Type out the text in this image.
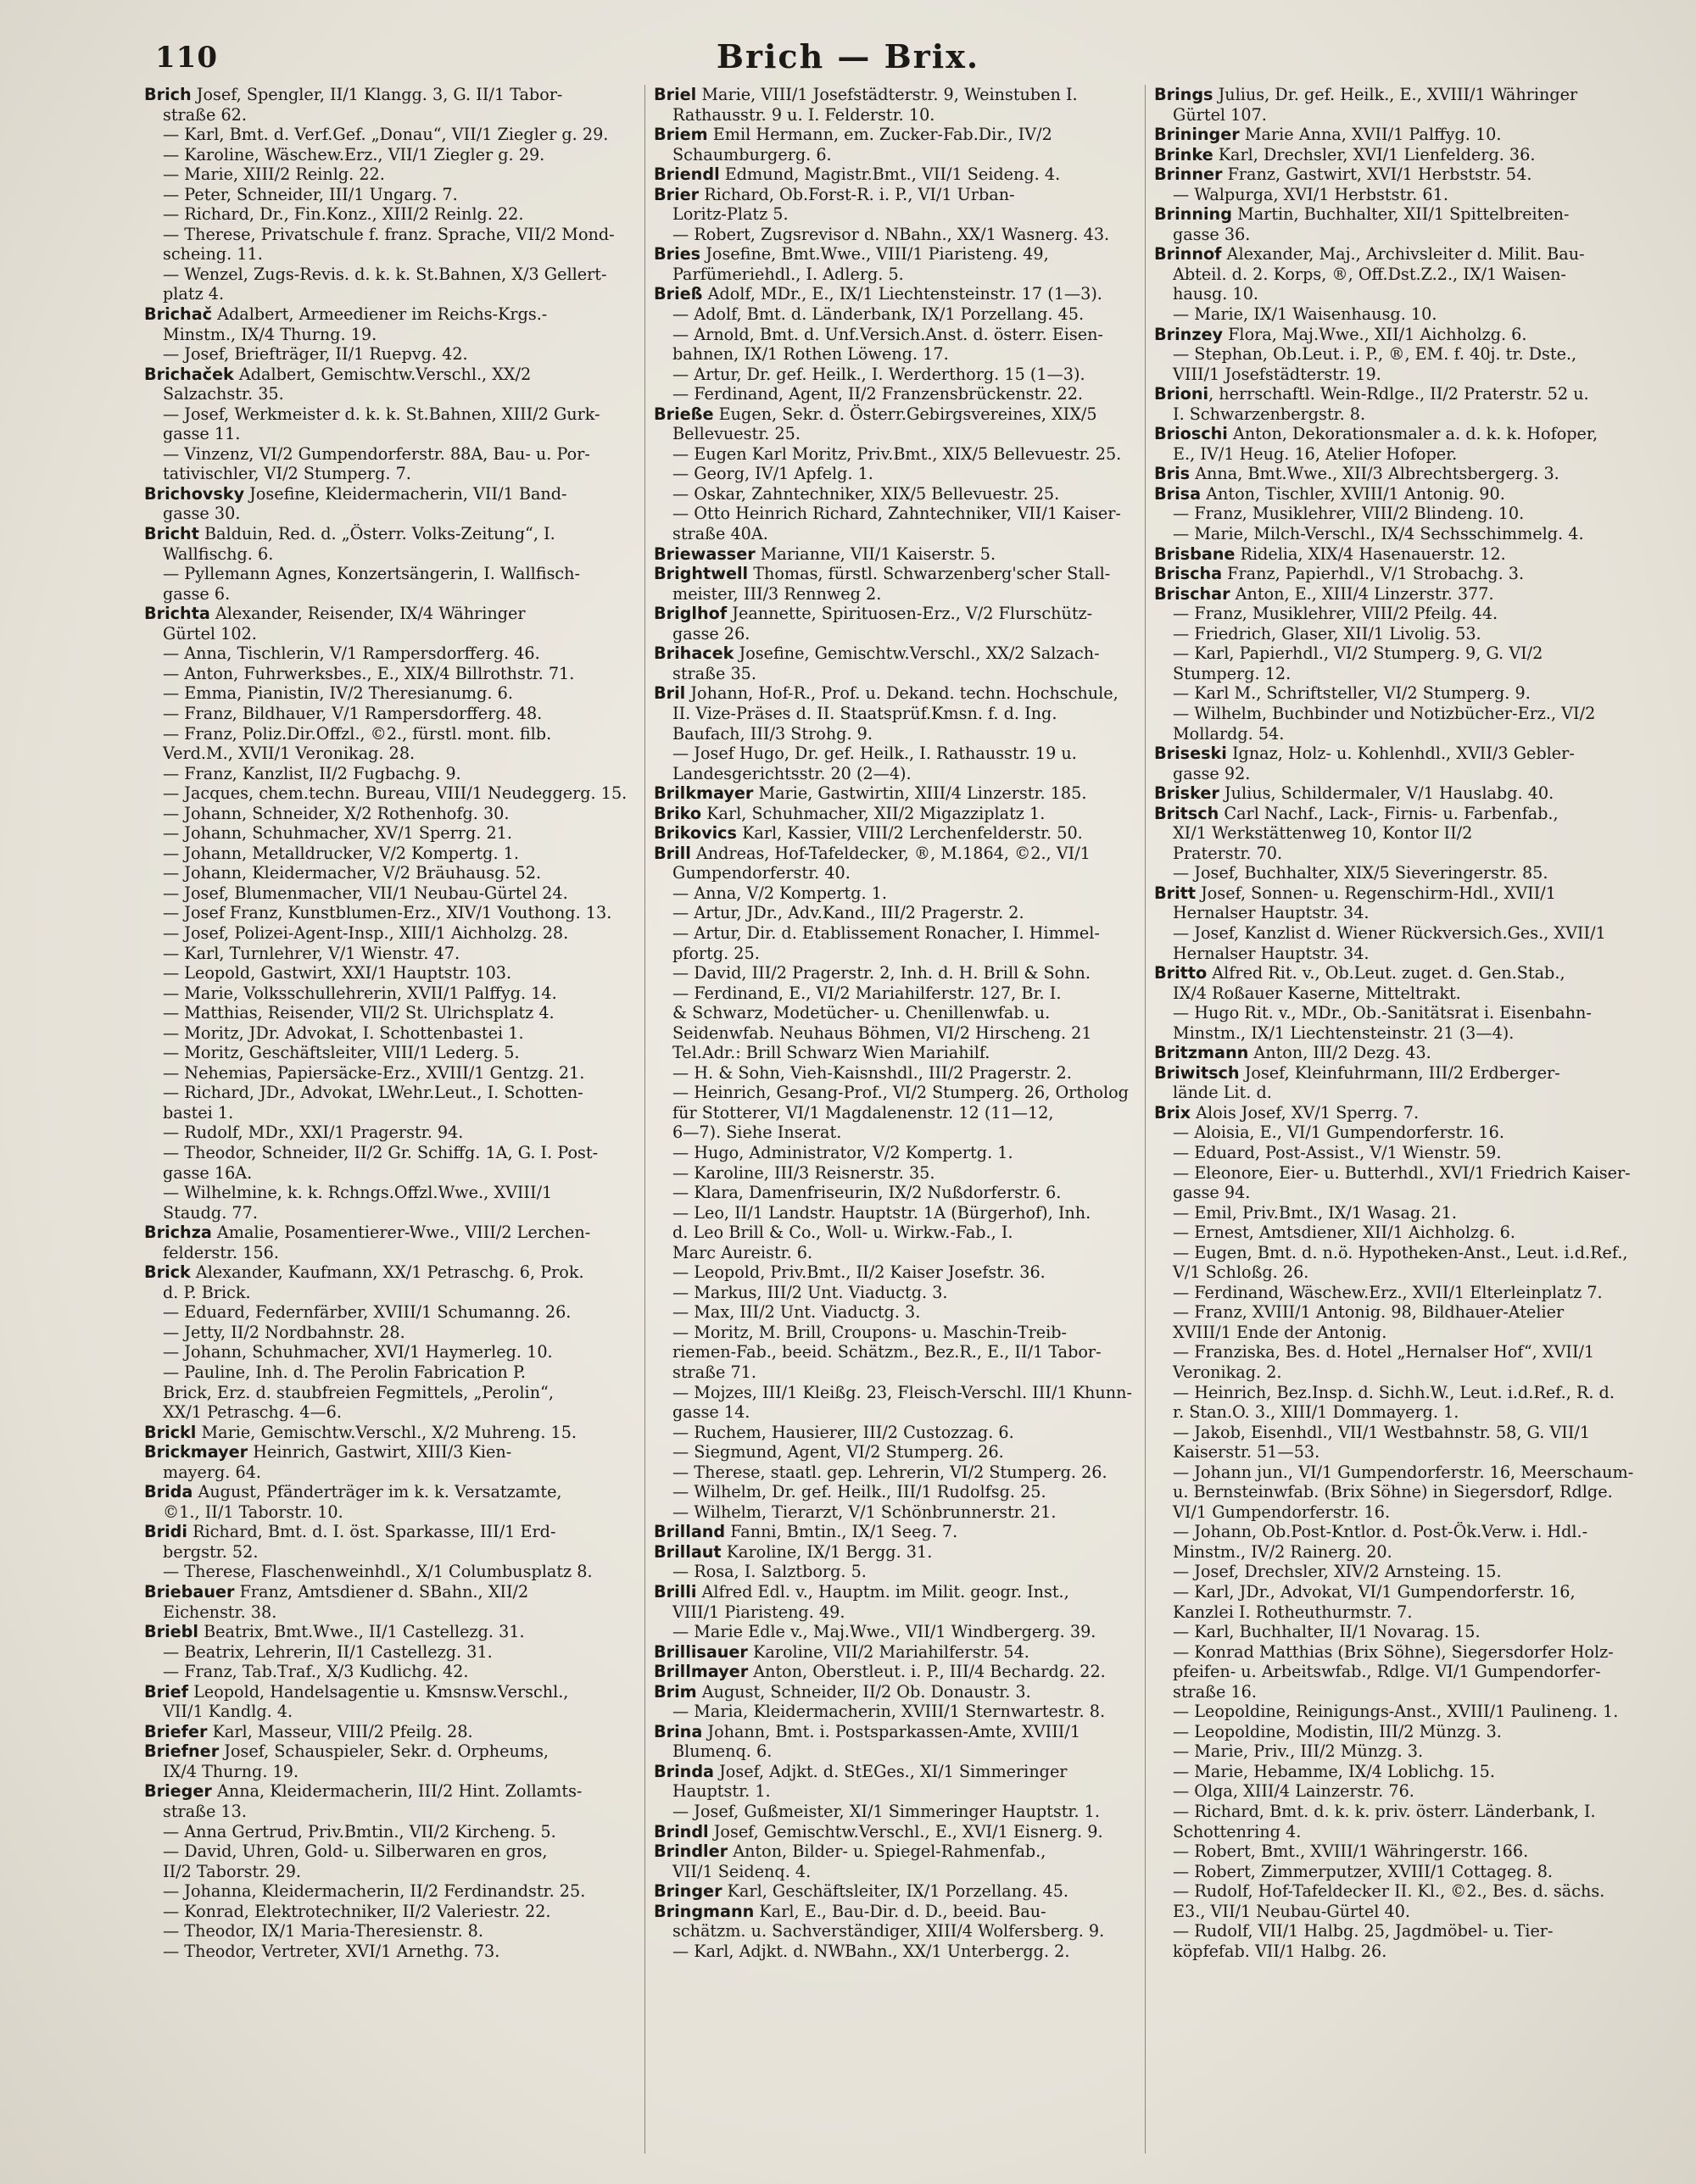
110	Brich — Brix.
Brich Josef, Spengler, II/1 Klangg. 3, G. II/1 Tabor-
straße 62.
— Karl, Bmt. d. Verf.Gef. „Donau“, VII/1 Ziegler g. 29.
— Karoline, Wäschew.Erz., VII/1 Ziegler g. 29.
— Marie, XIII/2 Reinlg. 22.
— Peter, Schneider, III/1 Ungarg. 7.
— Richard, Dr., Fin.Konz., XIII/2 Reinlg. 22.
— Therese, Privatschule f. franz. Sprache, VII/2 Mond-
scheing. 11.
— Wenzel, Zugs-Revis. d. k. k. St.Bahnen, X/3 Gellert-
platz 4.
Brichač Adalbert, Armeediener im Reichs-Krgs.-
Minstm., IX/4 Thurng. 19.
— Josef, Briefträger, II/1 Ruepvg. 42.
Brichaček Adalbert, Gemischtw.Verschl., XX/2
Salzachstr. 35.
— Josef, Werkmeister d. k. k. St.Bahnen, XIII/2 Gurk-
gasse 11.
— Vinzenz, VI/2 Gumpendorferstr. 88A, Bau- u. Por-
tativischler, VI/2 Stumperg. 7.
Brichovsky Josefine, Kleidermacherin, VII/1 Band-
gasse 30.
Bricht Balduin, Red. d. „Österr. Volks-Zeitung“, I.
Wallfischg. 6.
— Pyllemann Agnes, Konzertsängerin, I. Wallfisch-
gasse 6.
Brichta Alexander, Reisender, IX/4 Währinger
Gürtel 102.
— Anna, Tischlerin, V/1 Rampersdorfferg. 46.
— Anton, Fuhrwerksbes., E., XIX/4 Billrothstr. 71.
— Emma, Pianistin, IV/2 Theresianumg. 6.
— Franz, Bildhauer, V/1 Rampersdorfferg. 48.
— Franz, Poliz.Dir.Offzl., ©2., fürstl. mont. filb.
Verd.M., XVII/1 Veronikag. 28.
— Franz, Kanzlist, II/2 Fugbachg. 9.
— Jacques, chem.techn. Bureau, VIII/1 Neudeggerg. 15.
— Johann, Schneider, X/2 Rothenhofg. 30.
— Johann, Schuhmacher, XV/1 Sperrg. 21.
— Johann, Metalldrucker, V/2 Kompertg. 1.
— Johann, Kleidermacher, V/2 Bräuhausg. 52.
— Josef, Blumenmacher, VII/1 Neubau-Gürtel 24.
— Josef Franz, Kunstblumen-Erz., XIV/1 Vouthong. 13.
— Josef, Polizei-Agent-Insp., XIII/1 Aichholzg. 28.
— Karl, Turnlehrer, V/1 Wienstr. 47.
— Leopold, Gastwirt, XXI/1 Hauptstr. 103.
— Marie, Volksschullehrerin, XVII/1 Palffyg. 14.
— Matthias, Reisender, VII/2 St. Ulrichsplatz 4.
— Moritz, JDr. Advokat, I. Schottenbastei 1.
— Moritz, Geschäftsleiter, VIII/1 Lederg. 5.
— Nehemias, Papiersäcke-Erz., XVIII/1 Gentzg. 21.
— Richard, JDr., Advokat, LWehr.Leut., I. Schotten-
bastei 1.
— Rudolf, MDr., XXI/1 Pragerstr. 94.
— Theodor, Schneider, II/2 Gr. Schiffg. 1A, G. I. Post-
gasse 16A.
— Wilhelmine, k. k. Rchngs.Offzl.Wwe., XVIII/1
Staudg. 77.
Brichza Amalie, Posamentierer-Wwe., VIII/2 Lerchen-
felderstr. 156.
Brick Alexander, Kaufmann, XX/1 Petraschg. 6, Prok.
d. P. Brick.
— Eduard, Federnfärber, XVIII/1 Schumanng. 26.
— Jetty, II/2 Nordbahnstr. 28.
— Johann, Schuhmacher, XVI/1 Haymerleg. 10.
— Pauline, Inh. d. The Perolin Fabrication P.
Brick, Erz. d. staubfreien Fegmittels, „Perolin“,
XX/1 Petraschg. 4—6.
Brickl Marie, Gemischtw.Verschl., X/2 Muhreng. 15.
Brickmayer Heinrich, Gastwirt, XIII/3 Kien-
mayerg. 64.
Brida August, Pfänderträger im k. k. Versatzamte,
©1., II/1 Taborstr. 10.
Bridi Richard, Bmt. d. I. öst. Sparkasse, III/1 Erd-
bergstr. 52.
— Therese, Flaschenweinhdl., X/1 Columbusplatz 8.
Briebauer Franz, Amtsdiener d. SBahn., XII/2
Eichenstr. 38.
Briebl Beatrix, Bmt.Wwe., II/1 Castellezg. 31.
— Beatrix, Lehrerin, II/1 Castellezg. 31.
— Franz, Tab.Traf., X/3 Kudlichg. 42.
Brief Leopold, Handelsagentie u. Kmsnsw.Verschl.,
VII/1 Kandlg. 4.
Briefer Karl, Masseur, VIII/2 Pfeilg. 28.
Briefner Josef, Schauspieler, Sekr. d. Orpheums,
IX/4 Thurng. 19.
Brieger Anna, Kleidermacherin, III/2 Hint. Zollamts-
straße 13.
— Anna Gertrud, Priv.Bmtin., VII/2 Kircheng. 5.
— David, Uhren, Gold- u. Silberwaren en gros,
II/2 Taborstr. 29.
— Johanna, Kleidermacherin, II/2 Ferdinandstr. 25.
— Konrad, Elektrotechniker, II/2 Valeriestr. 22.
— Theodor, IX/1 Maria-Theresienstr. 8.
— Theodor, Vertreter, XVI/1 Arnethg. 73.
Briel Marie, VIII/1 Josefstädterstr. 9, Weinstuben I.
Rathausstr. 9 u. I. Felderstr. 10.
Briem Emil Hermann, em. Zucker-Fab.Dir., IV/2
Schaumburgerg. 6.
Briendl Edmund, Magistr.Bmt., VII/1 Seideng. 4.
Brier Richard, Ob.Forst-R. i. P., VI/1 Urban-
Loritz-Platz 5.
— Robert, Zugsrevisor d. NBahn., XX/1 Wasnerg. 43.
Bries Josefine, Bmt.Wwe., VIII/1 Piaristeng. 49,
Parfümeriehdl., I. Adlerg. 5.
Brieß Adolf, MDr., E., IX/1 Liechtensteinstr. 17 (1—3).
— Adolf, Bmt. d. Länderbank, IX/1 Porzellang. 45.
— Arnold, Bmt. d. Unf.Versich.Anst. d. österr. Eisen-
bahnen, IX/1 Rothen Löweng. 17.
— Artur, Dr. gef. Heilk., I. Werderthorg. 15 (1—3).
— Ferdinand, Agent, II/2 Franzensbrückenstr. 22.
Brieße Eugen, Sekr. d. Österr.Gebirgsvereines, XIX/5
Bellevuestr. 25.
— Eugen Karl Moritz, Priv.Bmt., XIX/5 Bellevuestr. 25.
— Georg, IV/1 Apfelg. 1.
— Oskar, Zahntechniker, XIX/5 Bellevuestr. 25.
— Otto Heinrich Richard, Zahntechniker, VII/1 Kaiser-
straße 40A.
Briewasser Marianne, VII/1 Kaiserstr. 5.
Brightwell Thomas, fürstl. Schwarzenberg'scher Stall-
meister, III/3 Rennweg 2.
Briglhof Jeannette, Spirituosen-Erz., V/2 Flurschütz-
gasse 26.
Brihacek Josefine, Gemischtw.Verschl., XX/2 Salzach-
straße 35.
Bril Johann, Hof-R., Prof. u. Dekand. techn. Hochschule,
II. Vize-Präses d. II. Staatsprüf.Kmsn. f. d. Ing.
Baufach, III/3 Strohg. 9.
— Josef Hugo, Dr. gef. Heilk., I. Rathausstr. 19 u.
Landesgerichtsstr. 20 (2—4).
Brilkmayer Marie, Gastwirtin, XIII/4 Linzerstr. 185.
Briko Karl, Schuhmacher, XII/2 Migazziplatz 1.
Brikovics Karl, Kassier, VIII/2 Lerchenfelderstr. 50.
Brill Andreas, Hof-Tafeldecker, ®, M.1864, ©2., VI/1
Gumpendorferstr. 40.
— Anna, V/2 Kompertg. 1.
— Artur, JDr., Adv.Kand., III/2 Pragerstr. 2.
— Artur, Dir. d. Etablissement Ronacher, I. Himmel-
pfortg. 25.
— David, III/2 Pragerstr. 2, Inh. d. H. Brill & Sohn.
— Ferdinand, E., VI/2 Mariahilferstr. 127, Br. I.
& Schwarz, Modetücher- u. Chenillenwfab. u.
Seidenwfab. Neuhaus Böhmen, VI/2 Hirscheng. 21
Tel.Adr.: Brill Schwarz Wien Mariahilf.
— H. & Sohn, Vieh-Kaisnshdl., III/2 Pragerstr. 2.
— Heinrich, Gesang-Prof., VI/2 Stumperg. 26, Ortholog
für Stotterer, VI/1 Magdalenenstr. 12 (11—12,
6—7). Siehe Inserat.
— Hugo, Administrator, V/2 Kompertg. 1.
— Karoline, III/3 Reisnerstr. 35.
— Klara, Damenfriseurin, IX/2 Nußdorferstr. 6.
— Leo, II/1 Landstr. Hauptstr. 1A (Bürgerhof), Inh.
d. Leo Brill & Co., Woll- u. Wirkw.-Fab., I.
Marc Aureistr. 6.
— Leopold, Priv.Bmt., II/2 Kaiser Josefstr. 36.
— Markus, III/2 Unt. Viaductg. 3.
— Max, III/2 Unt. Viaductg. 3.
— Moritz, M. Brill, Croupons- u. Maschin-Treib-
riemen-Fab., beeid. Schätzm., Bez.R., E., II/1 Tabor-
straße 71.
— Mojzes, III/1 Kleißg. 23, Fleisch-Verschl. III/1 Khunn-
gasse 14.
— Ruchem, Hausierer, III/2 Custozzag. 6.
— Siegmund, Agent, VI/2 Stumperg. 26.
— Therese, staatl. gep. Lehrerin, VI/2 Stumperg. 26.
— Wilhelm, Dr. gef. Heilk., III/1 Rudolfsg. 25.
— Wilhelm, Tierarzt, V/1 Schönbrunnerstr. 21.
Brilland Fanni, Bmtin., IX/1 Seeg. 7.
Brillaut Karoline, IX/1 Bergg. 31.
— Rosa, I. Salztborg. 5.
Brilli Alfred Edl. v., Hauptm. im Milit. geogr. Inst.,
VIII/1 Piaristeng. 49.
— Marie Edle v., Maj.Wwe., VII/1 Windbergerg. 39.
Brillisauer Karoline, VII/2 Mariahilferstr. 54.
Brillmayer Anton, Oberstleut. i. P., III/4 Bechardg. 22.
Brim August, Schneider, II/2 Ob. Donaustr. 3.
— Maria, Kleidermacherin, XVIII/1 Sternwartestr. 8.
Brina Johann, Bmt. i. Postsparkassen-Amte, XVIII/1
Blumenq. 6.
Brinda Josef, Adjkt. d. StEGes., XI/1 Simmeringer
Hauptstr. 1.
— Josef, Gußmeister, XI/1 Simmeringer Hauptstr. 1.
Brindl Josef, Gemischtw.Verschl., E., XVI/1 Eisnerg. 9.
Brindler Anton, Bilder- u. Spiegel-Rahmenfab.,
VII/1 Seidenq. 4.
Bringer Karl, Geschäftsleiter, IX/1 Porzellang. 45.
Bringmann Karl, E., Bau-Dir. d. D., beeid. Bau-
schätzm. u. Sachverständiger, XIII/4 Wolfersberg. 9.
— Karl, Adjkt. d. NWBahn., XX/1 Unterbergg. 2.
Brings Julius, Dr. gef. Heilk., E., XVIII/1 Währinger
Gürtel 107.
Brininger Marie Anna, XVII/1 Palffyg. 10.
Brinke Karl, Drechsler, XVI/1 Lienfelderg. 36.
Brinner Franz, Gastwirt, XVI/1 Herbststr. 54.
— Walpurga, XVI/1 Herbststr. 61.
Brinning Martin, Buchhalter, XII/1 Spittelbreiten-
gasse 36.
Brinnof Alexander, Maj., Archivsleiter d. Milit. Bau-
Abteil. d. 2. Korps, ®, Off.Dst.Z.2., IX/1 Waisen-
hausg. 10.
— Marie, IX/1 Waisenhausg. 10.
Brinzey Flora, Maj.Wwe., XII/1 Aichholzg. 6.
— Stephan, Ob.Leut. i. P., ®, EM. f. 40j. tr. Dste.,
VIII/1 Josefstädterstr. 19.
Brioni, herrschaftl. Wein-Rdlge., II/2 Praterstr. 52 u.
I. Schwarzenbergstr. 8.
Brioschi Anton, Dekorationsmaler a. d. k. k. Hofoper,
E., IV/1 Heug. 16, Atelier Hofoper.
Bris Anna, Bmt.Wwe., XII/3 Albrechtsbergerg. 3.
Brisa Anton, Tischler, XVIII/1 Antonig. 90.
— Franz, Musiklehrer, VIII/2 Blindeng. 10.
— Marie, Milch-Verschl., IX/4 Sechsschimmelg. 4.
Brisbane Ridelia, XIX/4 Hasenauerstr. 12.
Brischa Franz, Papierhdl., V/1 Strobachg. 3.
Brischar Anton, E., XIII/4 Linzerstr. 377.
— Franz, Musiklehrer, VIII/2 Pfeilg. 44.
— Friedrich, Glaser, XII/1 Livolig. 53.
— Karl, Papierhdl., VI/2 Stumperg. 9, G. VI/2
Stumperg. 12.
— Karl M., Schriftsteller, VI/2 Stumperg. 9.
— Wilhelm, Buchbinder und Notizbücher-Erz., VI/2
Mollardg. 54.
Briseski Ignaz, Holz- u. Kohlenhdl., XVII/3 Gebler-
gasse 92.
Brisker Julius, Schildermaler, V/1 Hauslabg. 40.
Britsch Carl Nachf., Lack-, Firnis- u. Farbenfab.,
XI/1 Werkstättenweg 10, Kontor II/2
Praterstr. 70.
— Josef, Buchhalter, XIX/5 Sieveringerstr. 85.
Britt Josef, Sonnen- u. Regenschirm-Hdl., XVII/1
Hernalser Hauptstr. 34.
— Josef, Kanzlist d. Wiener Rückversich.Ges., XVII/1
Hernalser Hauptstr. 34.
Britto Alfred Rit. v., Ob.Leut. zuget. d. Gen.Stab.,
IX/4 Roßauer Kaserne, Mitteltrakt.
— Hugo Rit. v., MDr., Ob.-Sanitätsrat i. Eisenbahn-
Minstm., IX/1 Liechtensteinstr. 21 (3—4).
Britzmann Anton, III/2 Dezg. 43.
Briwitsch Josef, Kleinfuhrmann, III/2 Erdberger-
lände Lit. d.
Brix Alois Josef, XV/1 Sperrg. 7.
— Aloisia, E., VI/1 Gumpendorferstr. 16.
— Eduard, Post-Assist., V/1 Wienstr. 59.
— Eleonore, Eier- u. Butterhdl., XVI/1 Friedrich Kaiser-
gasse 94.
— Emil, Priv.Bmt., IX/1 Wasag. 21.
— Ernest, Amtsdiener, XII/1 Aichholzg. 6.
— Eugen, Bmt. d. n.ö. Hypotheken-Anst., Leut. i.d.Ref.,
V/1 Schloßg. 26.
— Ferdinand, Wäschew.Erz., XVII/1 Elterleinplatz 7.
— Franz, XVIII/1 Antonig. 98, Bildhauer-Atelier
XVIII/1 Ende der Antonig.
— Franziska, Bes. d. Hotel „Hernalser Hof“, XVII/1
Veronikag. 2.
— Heinrich, Bez.Insp. d. Sichh.W., Leut. i.d.Ref., R. d.
r. Stan.O. 3., XIII/1 Dommayerg. 1.
— Jakob, Eisenhdl., VII/1 Westbahnstr. 58, G. VII/1
Kaiserstr. 51—53.
— Johann jun., VI/1 Gumpendorferstr. 16, Meerschaum-
u. Bernsteinwfab. (Brix Söhne) in Siegersdorf, Rdlge.
VI/1 Gumpendorferstr. 16.
— Johann, Ob.Post-Kntlor. d. Post-Ök.Verw. i. Hdl.-
Minstm., IV/2 Rainerg. 20.
— Josef, Drechsler, XIV/2 Arnsteing. 15.
— Karl, JDr., Advokat, VI/1 Gumpendorferstr. 16,
Kanzlei I. Rotheuthurmstr. 7.
— Karl, Buchhalter, II/1 Novarag. 15.
— Konrad Matthias (Brix Söhne), Siegersdorfer Holz-
pfeifen- u. Arbeitswfab., Rdlge. VI/1 Gumpendorfer-
straße 16.
— Leopoldine, Reinigungs-Anst., XVIII/1 Paulineng. 1.
— Leopoldine, Modistin, III/2 Münzg. 3.
— Marie, Priv., III/2 Münzg. 3.
— Marie, Hebamme, IX/4 Loblichg. 15.
— Olga, XIII/4 Lainzerstr. 76.
— Richard, Bmt. d. k. k. priv. österr. Länderbank, I.
Schottenring 4.
— Robert, Bmt., XVIII/1 Währingerstr. 166.
— Robert, Zimmerputzer, XVIII/1 Cottageg. 8.
— Rudolf, Hof-Tafeldecker II. Kl., ©2., Bes. d. sächs.
E3., VII/1 Neubau-Gürtel 40.
— Rudolf, VII/1 Halbg. 25, Jagdmöbel- u. Tier-
köpfefab. VII/1 Halbg. 26.
